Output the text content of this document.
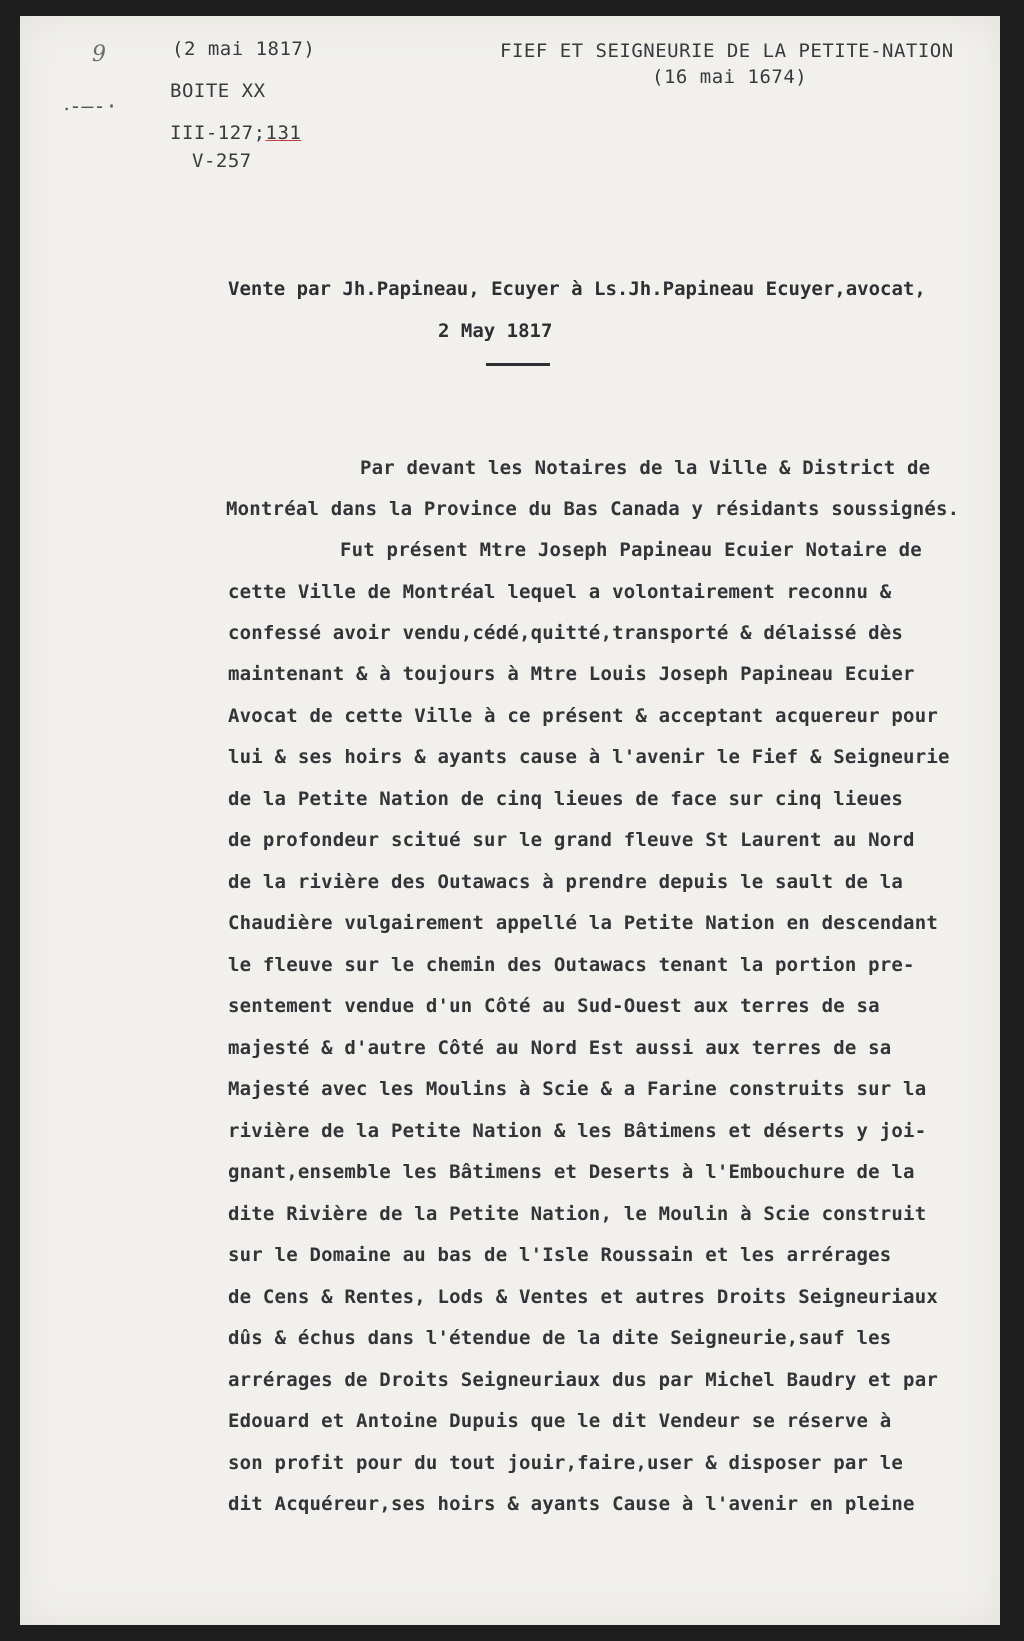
9
⸳-‒-·
(2 mai 1817)
BOITE XX
III-127;131
V-257
FIEF ET SEIGNEURIE DE LA PETITE-NATION
(16 mai 1674)
Vente par Jh.Papineau, Ecuyer à Ls.Jh.Papineau Ecuyer,avocat,
2 May 1817
Par devant les Notaires de la Ville & District de
Montréal dans la Province du Bas Canada y résidants soussignés.
Fut présent Mtre Joseph Papineau Ecuier Notaire de
cette Ville de Montréal lequel a volontairement reconnu &
confessé avoir vendu,cédé,quitté,transporté & délaissé dès
maintenant & à toujours à Mtre Louis Joseph Papineau Ecuier
Avocat de cette Ville à ce présent & acceptant acquereur pour
lui & ses hoirs & ayants cause à l'avenir le Fief & Seigneurie
de la Petite Nation de cinq lieues de face sur cinq lieues
de profondeur scitué sur le grand fleuve St Laurent au Nord
de la rivière des Outawacs à prendre depuis le sault de la
Chaudière vulgairement appellé la Petite Nation en descendant
le fleuve sur le chemin des Outawacs tenant la portion pre-
sentement vendue d'un Côté au Sud-Ouest aux terres de sa
majesté & d'autre Côté au Nord Est aussi aux terres de sa
Majesté avec les Moulins à Scie & a Farine construits sur la
rivière de la Petite Nation & les Bâtimens et déserts y joi-
gnant,ensemble les Bâtimens et Deserts à l'Embouchure de la
dite Rivière de la Petite Nation, le Moulin à Scie construit
sur le Domaine au bas de l'Isle Roussain et les arrérages
de Cens & Rentes, Lods & Ventes et autres Droits Seigneuriaux
dûs & échus dans l'étendue de la dite Seigneurie,sauf les
arrérages de Droits Seigneuriaux dus par Michel Baudry et par
Edouard et Antoine Dupuis que le dit Vendeur se réserve à
son profit pour du tout jouir,faire,user & disposer par le
dit Acquéreur,ses hoirs & ayants Cause à l'avenir en pleine
